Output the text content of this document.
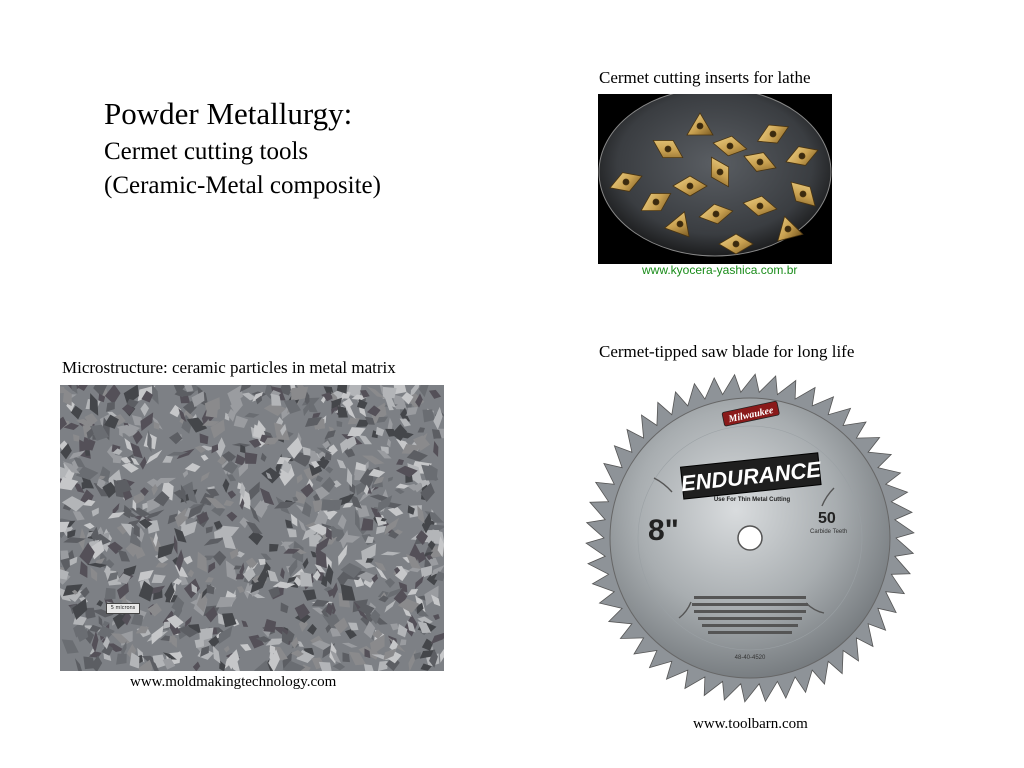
Powder Metallurgy:
Cermet cutting tools
(Ceramic-Metal composite)
Cermet cutting inserts for lathe
www.kyocera-yashica.com.br
Microstructure: ceramic particles in metal matrix
5 microns
www.moldmakingtechnology.com
Cermet-tipped saw blade for long life
Milwaukee
ENDURANCE
Use For Thin Metal Cutting
8"	50
Carbide Teeth
48-40-4520
www.toolbarn.com
